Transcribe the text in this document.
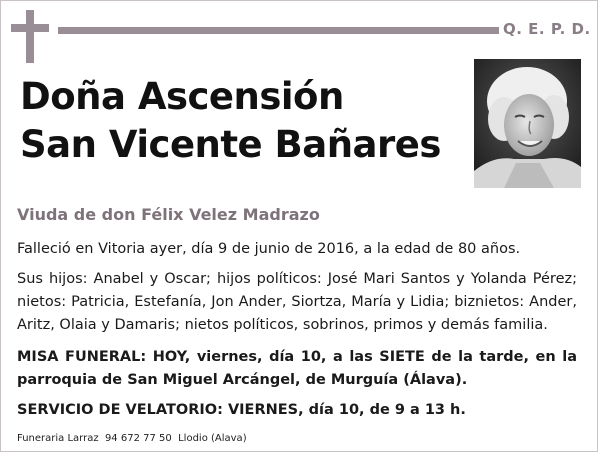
Q. E. P. D.
Doña Ascensión
San Vicente Bañares
Viuda de don Félix Velez Madrazo
Falleció en Vitoria ayer, día 9 de junio de 2016, a la edad de 80 años.
Sus hijos: Anabel y Oscar; hijos políticos: José Mari Santos y Yolanda Pérez; nietos: Patricia, Estefanía, Jon Ander, Siortza, María y Lidia; biznietos: Ander, Aritz, Olaia y Damaris; nietos políticos, sobrinos, primos y demás familia.
MISA FUNERAL: HOY, viernes, día 10, a las SIETE de la tarde, en la parroquia de San Miguel Arcángel, de Murguía (Álava).
SERVICIO DE VELATORIO: VIERNES, día 10, de 9 a 13 h.
Funeraria Larraz  94 672 77 50  Llodio (Alava)
